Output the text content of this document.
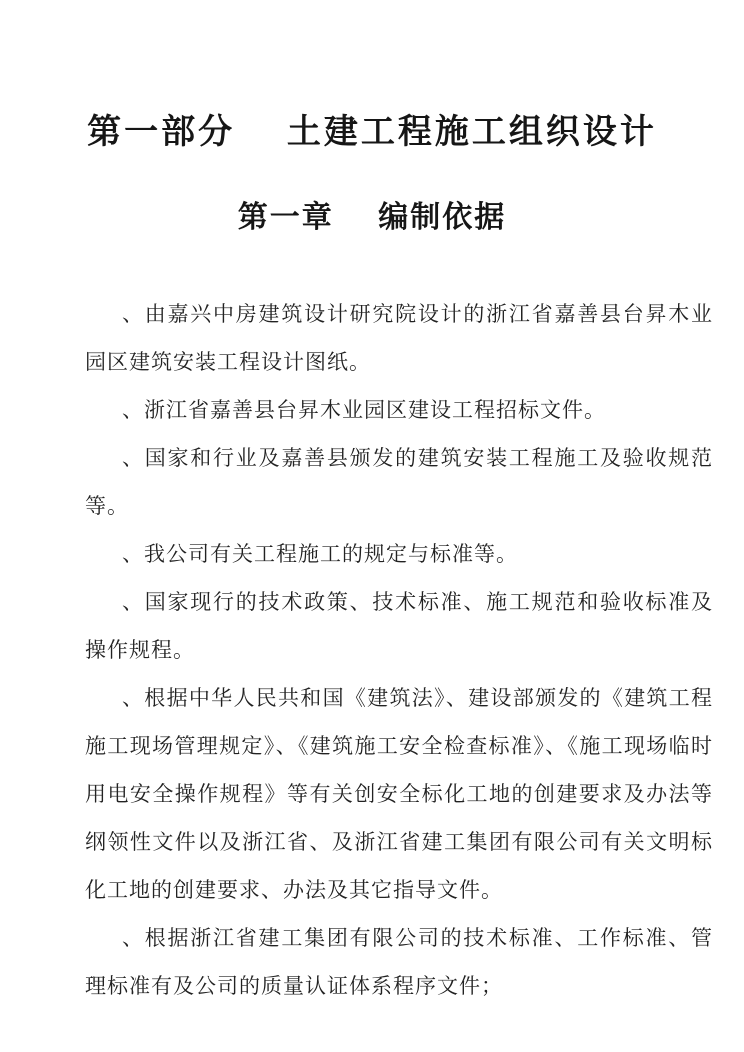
第一部分　 土建工程施工组织设计
第一章　 编制依据

、由嘉兴中房建筑设计研究院设计的浙江省嘉善县台昇木业园区建筑安装工程设计图纸。

、浙江省嘉善县台昇木业园区建设工程招标文件。

、国家和行业及嘉善县颁发的建筑安装工程施工及验收规范等。

、我公司有关工程施工的规定与标准等。

、国家现行的技术政策、技术标准、施工规范和验收标准及操作规程。

、根据中华人民共和国《建筑法》、建设部颁发的《建筑工程施工现场管理规定》、《建筑施工安全检查标准》、《施工现场临时用电安全操作规程》等有关创安全标化工地的创建要求及办法等纲领性文件以及浙江省、及浙江省建工集团有限公司有关文明标化工地的创建要求、办法及其它指导文件。

、根据浙江省建工集团有限公司的技术标准、工作标准、管理标准有及公司的质量认证体系程序文件；
